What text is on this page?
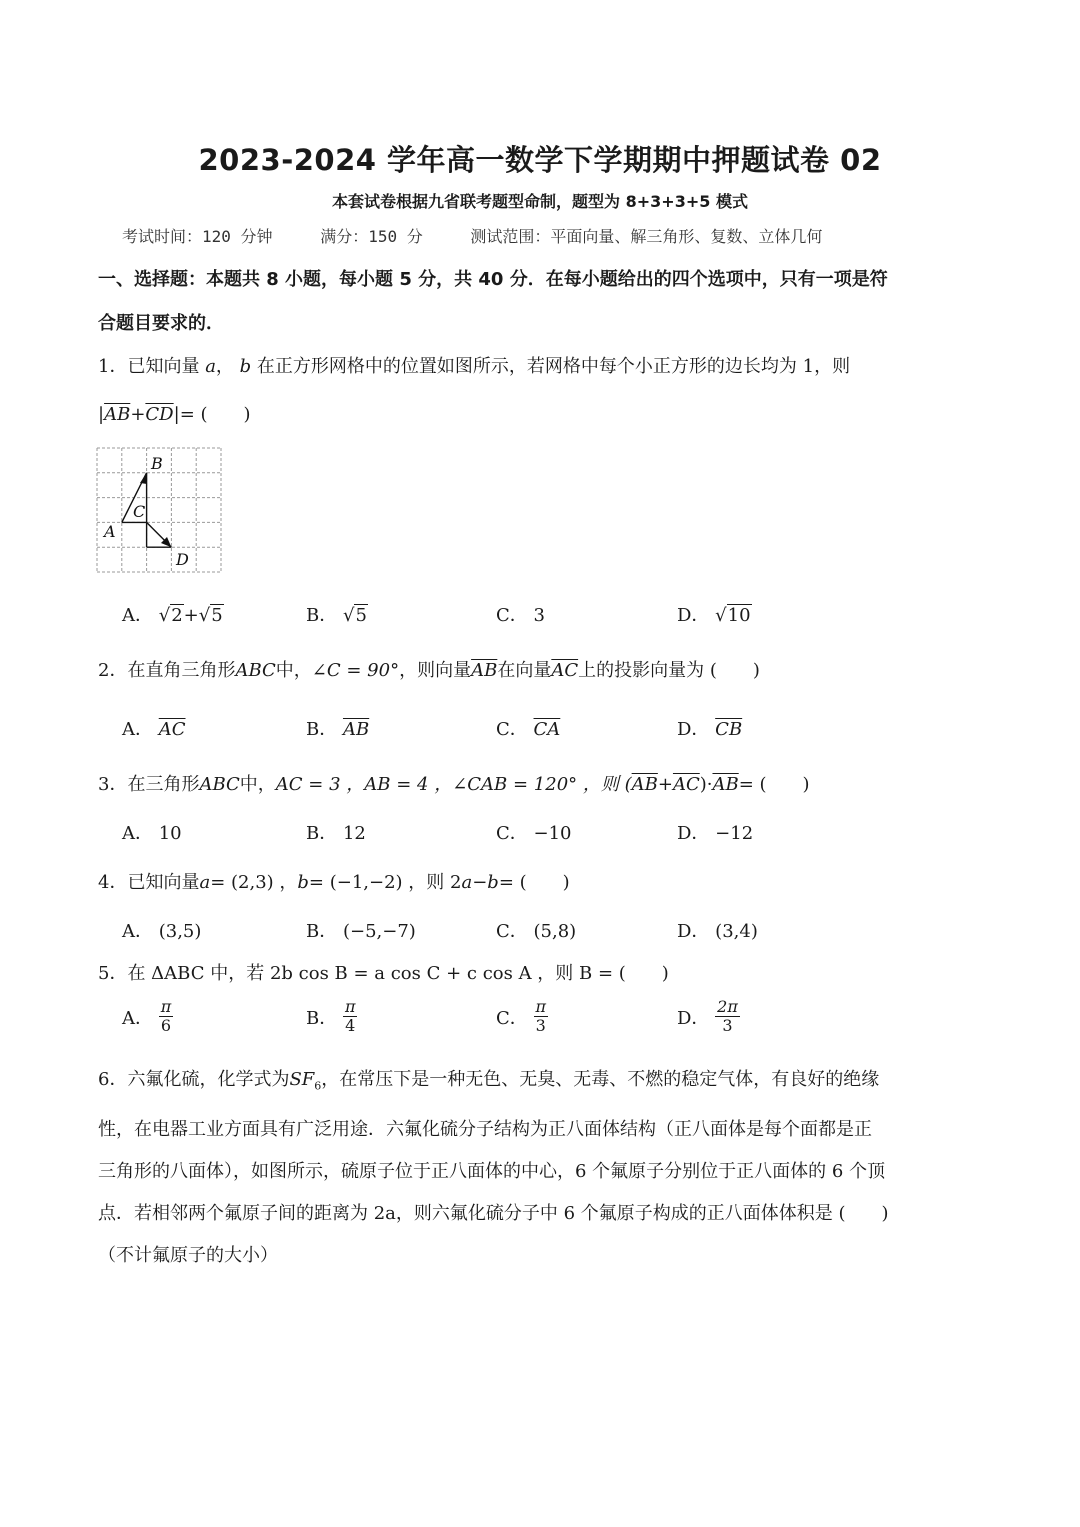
2023-2024 学年高一数学下学期期中押题试卷 02
本套试卷根据九省联考题型命制，题型为 8+3+3+5 模式
考试时间：120 分钟	满分：150 分	测试范围：平面向量、解三角形、复数、立体几何
一、选择题：本题共 8 小题，每小题 5 分，共 40 分．在每小题给出的四个选项中，只有一项是符
合题目要求的．
1．已知向量 a， b 在正方形网格中的位置如图所示，若网格中每个小正方形的边长均为 1，则
$|\overline{AB}+\overline{CD}|=$ (　　)
B
C
A
D
A． √2+√5	B． √5	C． 3	D． √10
2．在直角三角形ABC中，∠C = 90°，则向量$\overline{AB}$在向量$\overline{AC}$上的投影向量为 (　　)
A． $\overline{AC}$	B． $\overline{AB}$	C． $\overline{CA}$	D． $\overline{CB}$
3．在三角形ABC中，AC = 3 ，AB = 4 ，∠CAB = 120° ，则 $(\overline{AB}+\overline{AC})\cdot\overline{AB}=$ (　　)
A． 10	B． 12	C． −10	D． −12
4．已知向量a= (2,3) ，b= (−1,−2) ，则 2a−b= (　　)
A． (3,5)	B． (−5,−7)	C． (5,8)	D． (3,4)
5．在 ΔABC 中，若 2b cos B = a cos C + c cos A ，则 B = (　　)
A． $\frac{\pi}{6}$	B． $\frac{\pi}{4}$	C． $\frac{\pi}{3}$	D． $\frac{2\pi}{3}$
6．六氟化硫，化学式为$SF_6$，在常压下是一种无色、无臭、无毒、不燃的稳定气体，有良好的绝缘
性，在电器工业方面具有广泛用途．六氟化硫分子结构为正八面体结构（正八面体是每个面都是正
三角形的八面体），如图所示，硫原子位于正八面体的中心，6 个氟原子分别位于正八面体的 6 个顶
点．若相邻两个氟原子间的距离为 2a，则六氟化硫分子中 6 个氟原子构成的正八面体体积是 (　　)
（不计氟原子的大小）
